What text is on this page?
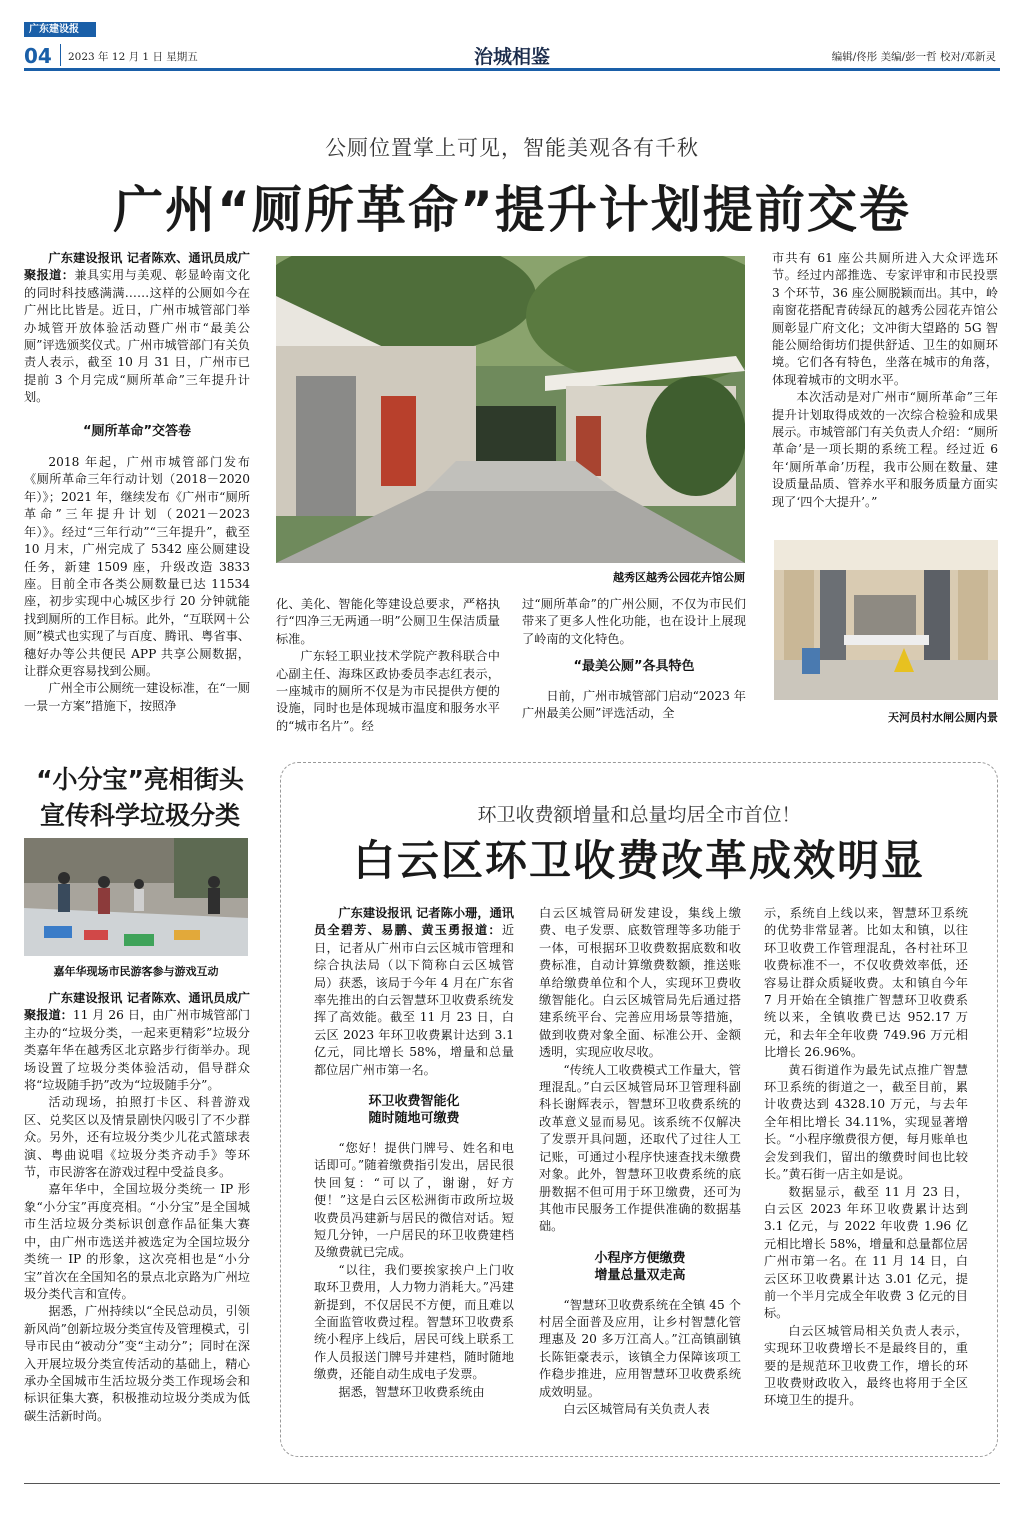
广东建设报
04 2023 年 12 月 1 日 星期五	治城相鉴	编辑/佟彤 美编/彭一哲 校对/邓新灵
公厕位置掌上可见，智能美观各有千秋
广州“厕所革命”提升计划提前交卷

广东建设报讯 记者陈欢、通讯员成广聚报道：兼具实用与美观、彰显岭南文化的同时科技感满满……这样的公厕如今在广州比比皆是。近日，广州市城管部门举办城管开放体验活动暨广州市“最美公厕”评选颁奖仪式。广州市城管部门有关负责人表示，截至 10 月 31 日，广州市已提前 3 个月完成“厕所革命”三年提升计划。

“厕所革命”交答卷

2018 年起，广州市城管部门发布《厕所革命三年行动计划（2018－2020 年）》；2021 年，继续发布《广州市“厕所革命”三年提升计划（2021－2023 年）》。经过“三年行动”“三年提升”，截至 10 月末，广州完成了 5342 座公厕建设任务，新建 1509 座，升级改造 3833 座。目前全市各类公厕数量已达 11534 座，初步实现中心城区步行 20 分钟就能找到厕所的工作目标。此外，“互联网＋公厕”模式也实现了与百度、腾讯、粤省事、穗好办等公共便民 APP 共享公厕数据，让群众更容易找到公厕。

广州全市公厕统一建设标准，在“一厕一景一方案”措施下，按照净

越秀区越秀公园花卉馆公厕

化、美化、智能化等建设总要求，严格执行“四净三无两通一明”公厕卫生保洁质量标准。

广东轻工职业技术学院产教科联合中心副主任、海珠区政协委员李志红表示，一座城市的厕所不仅是为市民提供方便的设施，同时也是体现城市温度和服务水平的“城市名片”。经

过“厕所革命”的广州公厕，不仅为市民们带来了更多人性化功能，也在设计上展现了岭南的文化特色。

“最美公厕”各具特色

日前，广州市城管部门启动“2023 年广州最美公厕”评选活动，全

市共有 61 座公共厕所进入大众评选环节。经过内部推选、专家评审和市民投票 3 个环节，36 座公厕脱颖而出。其中，岭南窗花搭配青砖绿瓦的越秀公园花卉馆公厕彰显广府文化；文冲街大望路的 5G 智能公厕给街坊们提供舒适、卫生的如厕环境。它们各有特色，坐落在城市的角落，体现着城市的文明水平。

本次活动是对广州市“厕所革命”三年提升计划取得成效的一次综合检验和成果展示。市城管部门有关负责人介绍：“厕所革命’是一项长期的系统工程。经过近 6 年‘厕所革命’历程，我市公厕在数量、建设质量品质、管养水平和服务质量方面实现了‘四个大提升’。”

天河员村水闸公厕内景
“小分宝”亮相街头
宣传科学垃圾分类
嘉年华现场市民游客参与游戏互动

广东建设报讯 记者陈欢、通讯员成广聚报道：11 月 26 日，由广州市城管部门主办的“垃圾分类，一起来更精彩”垃圾分类嘉年华在越秀区北京路步行街举办。现场设置了垃圾分类体验活动，倡导群众将“垃圾随手扔”改为“垃圾随手分”。

活动现场，拍照打卡区、科普游戏区、兑奖区以及情景剧快闪吸引了不少群众。另外，还有垃圾分类少儿花式篮球表演、粤曲说唱《垃圾分类齐动手》等环节，市民游客在游戏过程中受益良多。

嘉年华中，全国垃圾分类统一 IP 形象“小分宝”再度亮相。“小分宝”是全国城市生活垃圾分类标识创意作品征集大赛中，由广州市选送并被选定为全国垃圾分类统一 IP 的形象，这次亮相也是“小分宝”首次在全国知名的景点北京路为广州垃圾分类代言和宣传。

据悉，广州持续以“全民总动员，引领新风尚”创新垃圾分类宣传及管理模式，引导市民由“被动分”变“主动分”；同时在深入开展垃圾分类宣传活动的基础上，精心承办全国城市生活垃圾分类工作现场会和标识征集大赛，积极推动垃圾分类成为低碳生活新时尚。

环卫收费额增量和总量均居全市首位！
白云区环卫收费改革成效明显

广东建设报讯 记者陈小珊，通讯员全碧芳、易鹏、黄玉勇报道：近日，记者从广州市白云区城市管理和综合执法局（以下简称白云区城管局）获悉，该局于今年 4 月在广东省率先推出的白云智慧环卫收费系统发挥了高效能。截至 11 月 23 日，白云区 2023 年环卫收费累计达到 3.1 亿元，同比增长 58%，增量和总量都位居广州市第一名。

环卫收费智能化
随时随地可缴费

“您好！提供门牌号、姓名和电话即可。”随着缴费指引发出，居民很快回复：“可以了，谢谢，好方便！”这是白云区松洲街市政所垃圾收费员冯建新与居民的微信对话。短短几分钟，一户居民的环卫收费建档及缴费就已完成。

“以往，我们要挨家挨户上门收取环卫费用，人力物力消耗大。”冯建新提到，不仅居民不方便，而且难以全面监管收费过程。智慧环卫收费系统小程序上线后，居民可线上联系工作人员报送门牌号并建档，随时随地缴费，还能自动生成电子发票。

据悉，智慧环卫收费系统由

白云区城管局研发建设，集线上缴费、电子发票、底数管理等多功能于一体，可根据环卫收费数据底数和收费标准，自动计算缴费数额，推送账单给缴费单位和个人，实现环卫费收缴智能化。白云区城管局先后通过搭建系统平台、完善应用场景等措施，做到收费对象全面、标准公开、金额透明，实现应收尽收。

“传统人工收费模式工作量大，管理混乱。”白云区城管局环卫管理科副科长谢辉表示，智慧环卫收费系统的改革意义显而易见。该系统不仅解决了发票开具问题，还取代了过往人工记账，可通过小程序快速查找未缴费对象。此外，智慧环卫收费系统的底册数据不但可用于环卫缴费，还可为其他市民服务工作提供准确的数据基础。

小程序方便缴费
增量总量双走高

“智慧环卫收费系统在全镇 45 个村居全面普及应用，让乡村智慧化管理惠及 20 多万江高人。”江高镇副镇长陈钜豪表示，该镇全力保障该项工作稳步推进，应用智慧环卫收费系统成效明显。

白云区城管局有关负责人表

示，系统自上线以来，智慧环卫系统的优势非常显著。比如太和镇，以往环卫收费工作管理混乱，各村社环卫收费标准不一，不仅收费效率低，还容易让群众质疑收费。太和镇自今年 7 月开始在全镇推广智慧环卫收费系统以来，全镇收费已达 952.17 万元，和去年全年收费 749.96 万元相比增长 26.96%。

黄石街道作为最先试点推广智慧环卫系统的街道之一，截至目前，累计收费达到 4328.10 万元，与去年全年相比增长 34.11%，实现显著增长。“小程序缴费很方便，每月账单也会发到我们，留出的缴费时间也比较长。”黄石街一店主如是说。

数据显示，截至 11 月 23 日，白云区 2023 年环卫收费累计达到 3.1 亿元，与 2022 年收费 1.96 亿元相比增长 58%，增量和总量都位居广州市第一名。在 11 月 14 日，白云区环卫收费累计达 3.01 亿元，提前一个半月完成全年收费 3 亿元的目标。

白云区城管局相关负责人表示，实现环卫收费增长不是最终目的，重要的是规范环卫收费工作，增长的环卫收费财政收入，最终也将用于全区环境卫生的提升。
